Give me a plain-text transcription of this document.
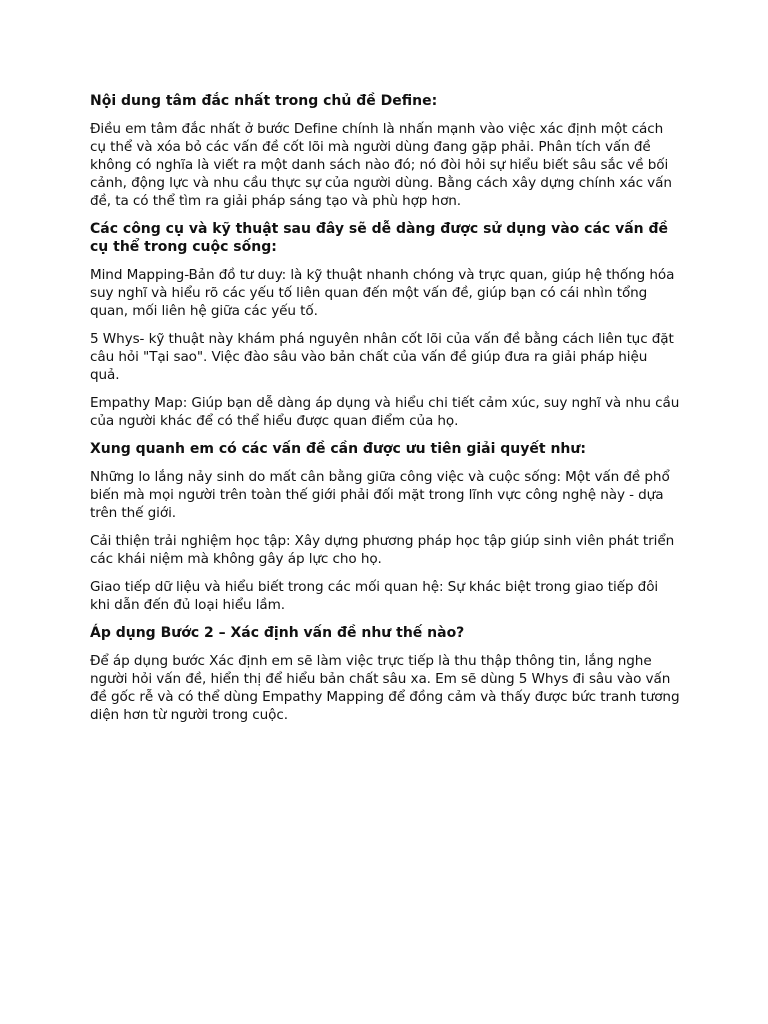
Nội dung tâm đắc nhất trong chủ đề Define:

Điều em tâm đắc nhất ở bước Define chính là nhấn mạnh vào việc xác định một cách cụ thể và xóa bỏ các vấn đề cốt lõi mà người dùng đang gặp phải. Phân tích vấn đề không có nghĩa là viết ra một danh sách nào đó; nó đòi hỏi sự hiểu biết sâu sắc về bối cảnh, động lực và nhu cầu thực sự của người dùng. Bằng cách xây dựng chính xác vấn đề, ta có thể tìm ra giải pháp sáng tạo và phù hợp hơn.

Các công cụ và kỹ thuật sau đây sẽ dễ dàng được sử dụng vào các vấn đề cụ thể trong cuộc sống:

Mind Mapping-Bản đồ tư duy: là kỹ thuật nhanh chóng và trực quan, giúp hệ thống hóa suy nghĩ và hiểu rõ các yếu tố liên quan đến một vấn đề, giúp bạn có cái nhìn tổng quan, mối liên hệ giữa các yếu tố.

5 Whys- kỹ thuật này khám phá nguyên nhân cốt lõi của vấn đề bằng cách liên tục đặt câu hỏi "Tại sao". Việc đào sâu vào bản chất của vấn đề giúp đưa ra giải pháp hiệu quả.

Empathy Map: Giúp bạn dễ dàng áp dụng và hiểu chi tiết cảm xúc, suy nghĩ và nhu cầu của người khác để có thể hiểu được quan điểm của họ.

Xung quanh em có các vấn đề cần được ưu tiên giải quyết như:

Những lo lắng nảy sinh do mất cân bằng giữa công việc và cuộc sống: Một vấn đề phổ biến mà mọi người trên toàn thế giới phải đối mặt trong lĩnh vực công nghệ này - dựa trên thế giới.

Cải thiện trải nghiệm học tập: Xây dựng phương pháp học tập giúp sinh viên phát triển các khái niệm mà không gây áp lực cho họ.

Giao tiếp dữ liệu và hiểu biết trong các mối quan hệ: Sự khác biệt trong giao tiếp đôi khi dẫn đến đủ loại hiểu lầm.

Áp dụng Bước 2 – Xác định vấn đề như thế nào?

Để áp dụng bước Xác định em sẽ làm việc trực tiếp là thu thập thông tin, lắng nghe người hỏi vấn đề, hiển thị để hiểu bản chất sâu xa. Em sẽ dùng 5 Whys đi sâu vào vấn đề gốc rễ và có thể dùng Empathy Mapping để đồng cảm và thấy được bức tranh tương diện hơn từ người trong cuộc.
